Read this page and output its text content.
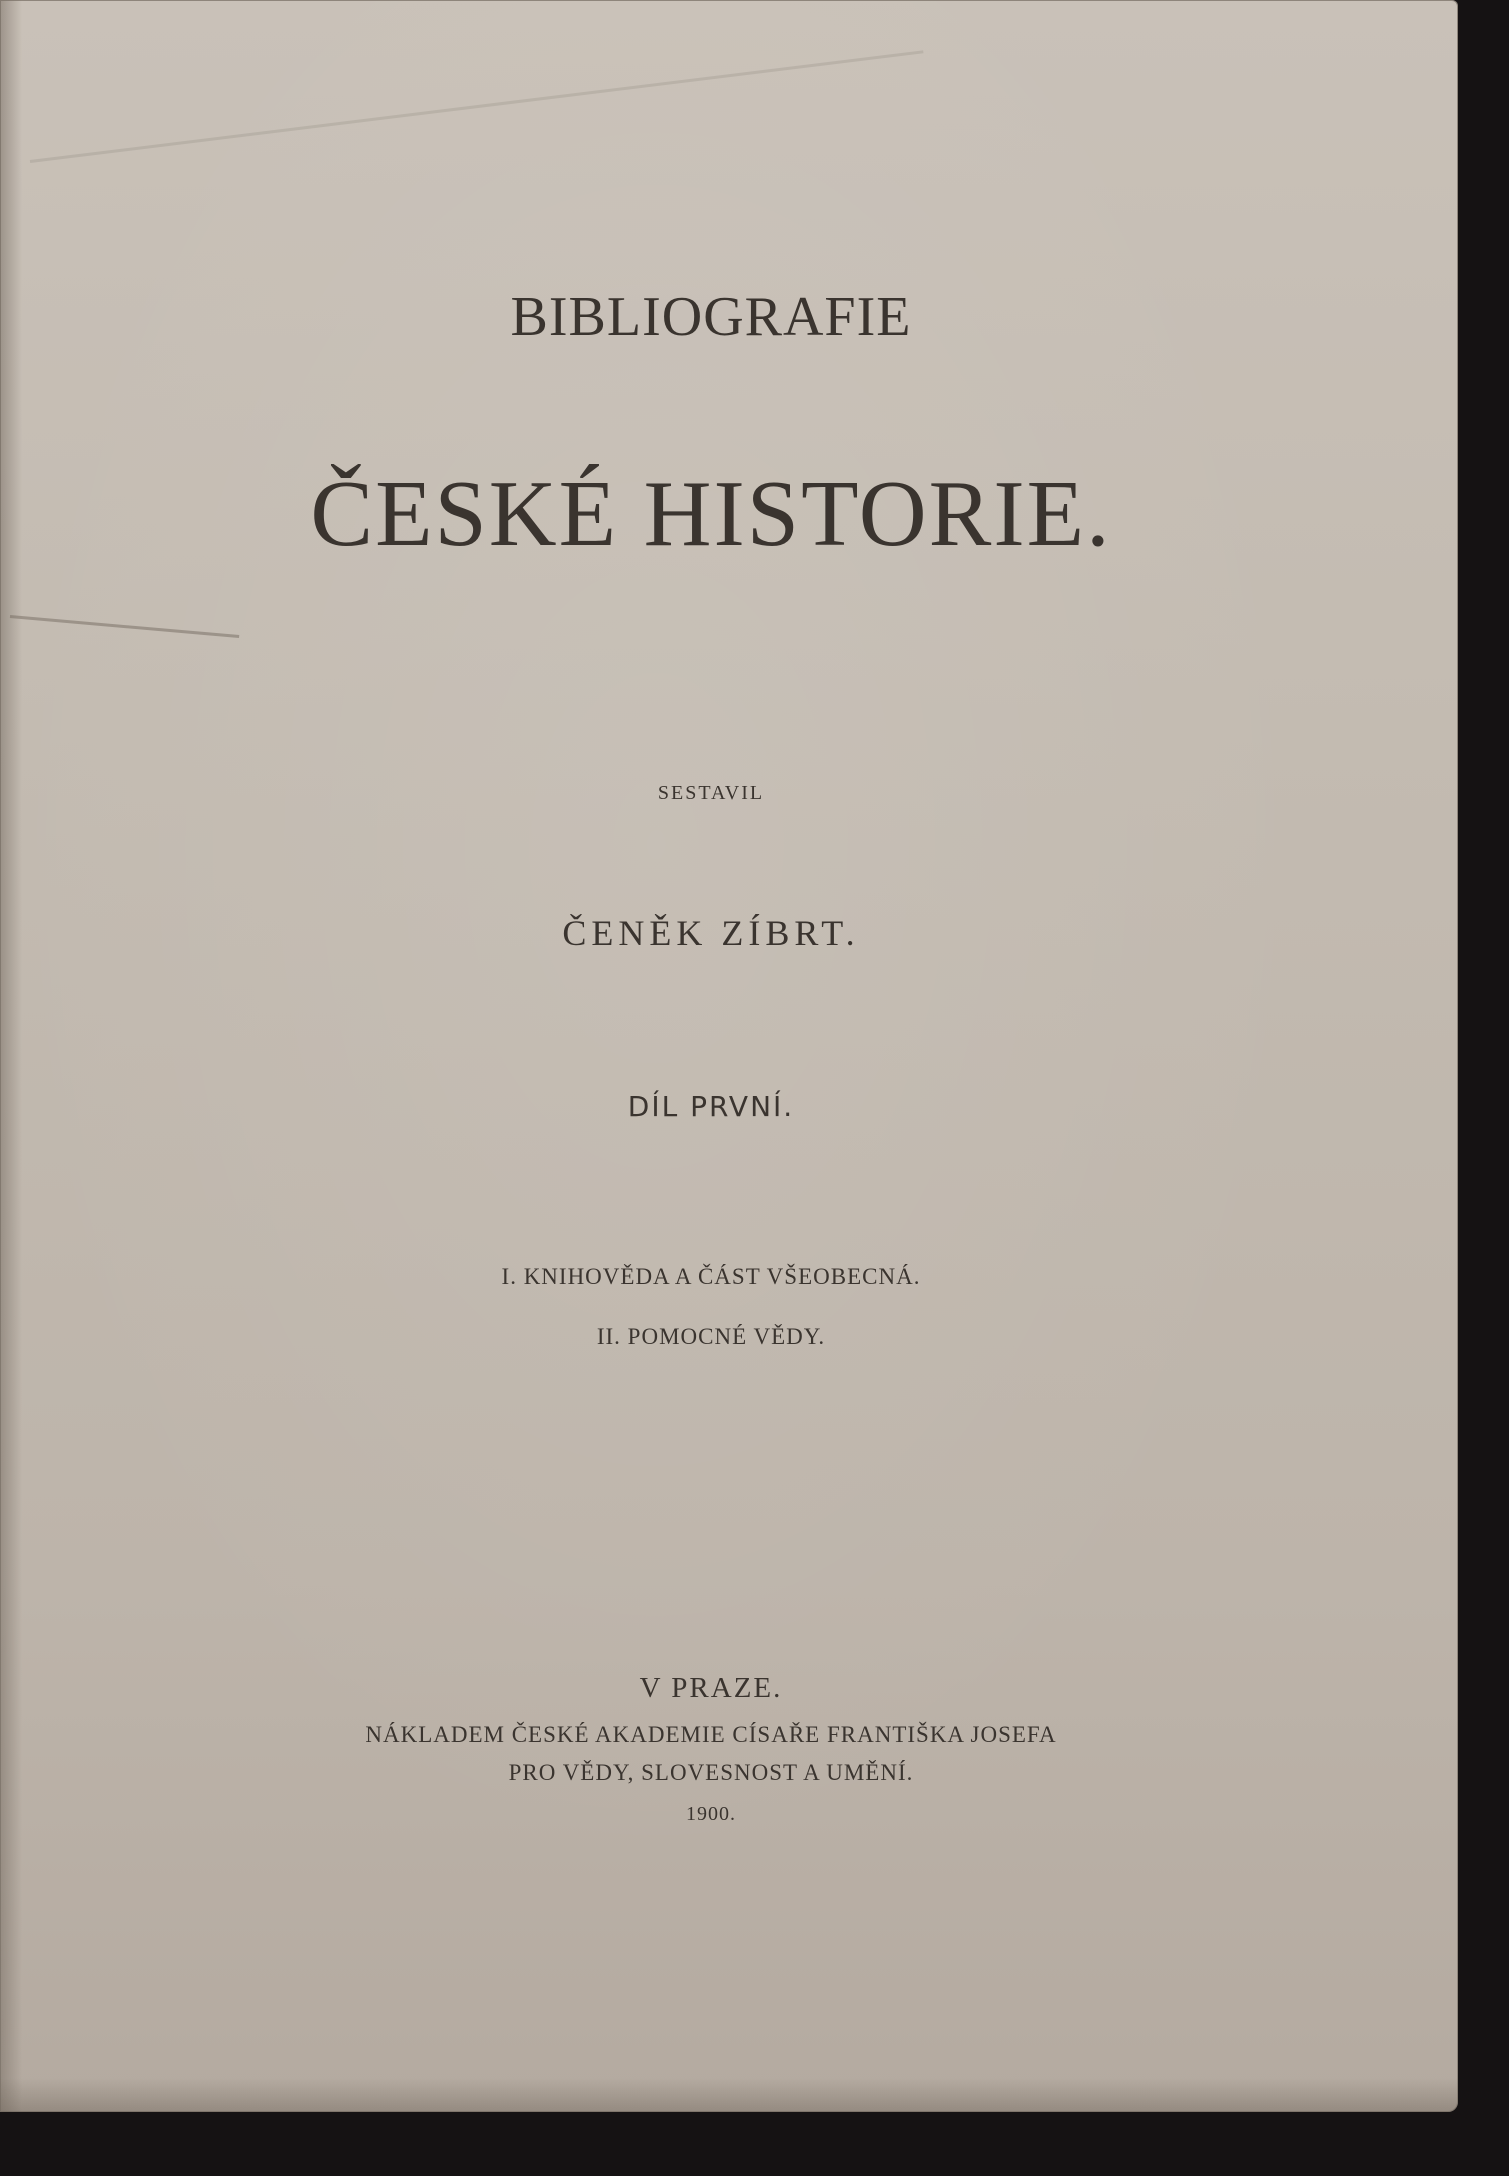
BIBLIOGRAFIE
ČESKÉ HISTORIE.
SESTAVIL
ČENĚK ZÍBRT.
DÍL PRVNÍ.
I. KNIHOVĚDA A ČÁST VŠEOBECNÁ.
II. POMOCNÉ VĚDY.
V PRAZE.
NÁKLADEM ČESKÉ AKADEMIE CÍSAŘE FRANTIŠKA JOSEFA
PRO VĚDY, SLOVESNOST A UMĚNÍ.
1900.
